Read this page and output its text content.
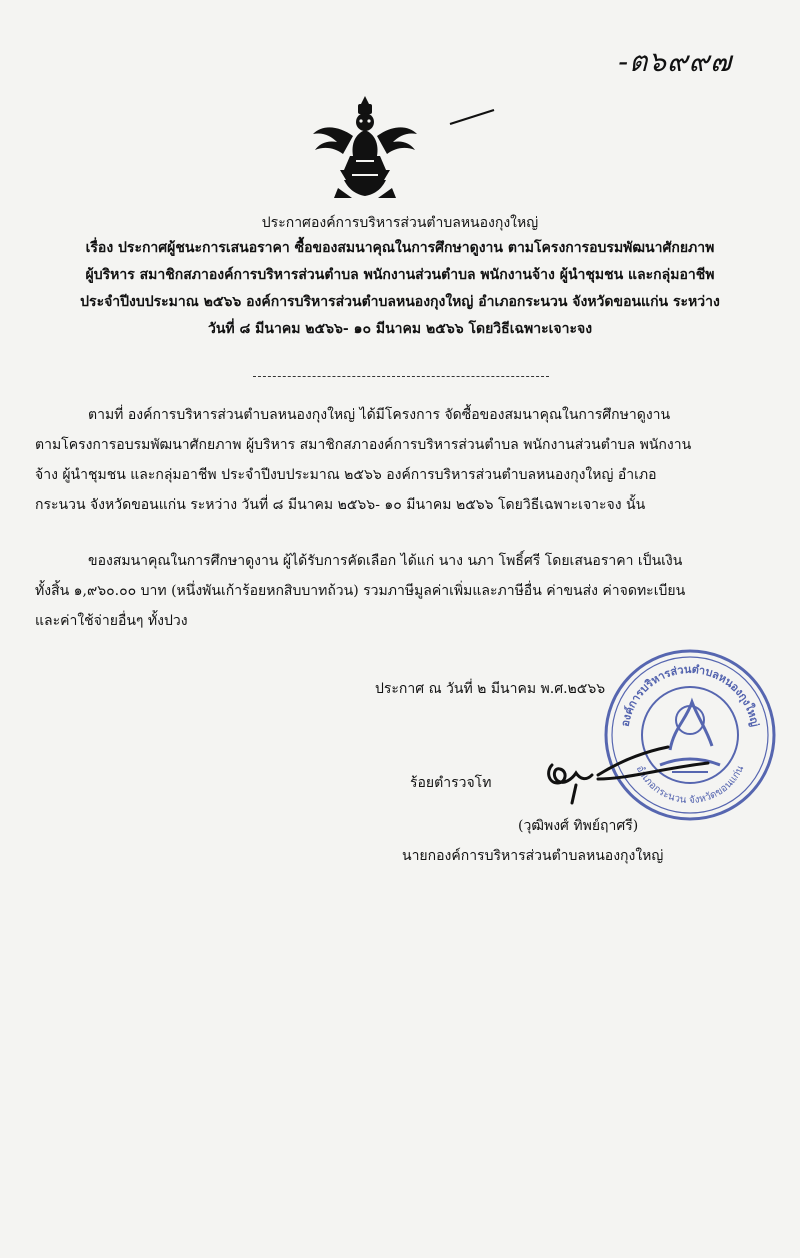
-ต๖๙๙๗
ประกาศองค์การบริหารส่วนตำบลหนองกุงใหญ่
เรื่อง ประกาศผู้ชนะการเสนอราคา ซื้อของสมนาคุณในการศึกษาดูงาน ตามโครงการอบรมพัฒนาศักยภาพ
ผู้บริหาร สมาชิกสภาองค์การบริหารส่วนตำบล พนักงานส่วนตำบล พนักงานจ้าง ผู้นำชุมชน และกลุ่มอาชีพ
ประจำปีงบประมาณ ๒๕๖๖ องค์การบริหารส่วนตำบลหนองกุงใหญ่ อำเภอกระนวน จังหวัดขอนแก่น ระหว่าง
วันที่ ๘ มีนาคม ๒๕๖๖- ๑๐ มีนาคม ๒๕๖๖ โดยวิธีเฉพาะเจาะจง
ตามที่ องค์การบริหารส่วนตำบลหนองกุงใหญ่ ได้มีโครงการ จัดซื้อของสมนาคุณในการศึกษาดูงาน
ตามโครงการอบรมพัฒนาศักยภาพ ผู้บริหาร สมาชิกสภาองค์การบริหารส่วนตำบล พนักงานส่วนตำบล พนักงาน
จ้าง ผู้นำชุมชน และกลุ่มอาชีพ ประจำปีงบประมาณ ๒๕๖๖ องค์การบริหารส่วนตำบลหนองกุงใหญ่ อำเภอ
กระนวน จังหวัดขอนแก่น ระหว่าง วันที่ ๘ มีนาคม ๒๕๖๖- ๑๐ มีนาคม ๒๕๖๖ โดยวิธีเฉพาะเจาะจง นั้น
ของสมนาคุณในการศึกษาดูงาน ผู้ได้รับการคัดเลือก ได้แก่ นาง นภา โพธิ์ศรี โดยเสนอราคา เป็นเงิน
ทั้งสิ้น ๑,๙๖๐.๐๐ บาท (หนึ่งพันเก้าร้อยหกสิบบาทถ้วน) รวมภาษีมูลค่าเพิ่มและภาษีอื่น ค่าขนส่ง ค่าจดทะเบียน
และค่าใช้จ่ายอื่นๆ ทั้งปวง
ประกาศ ณ วันที่ ๒ มีนาคม พ.ศ.๒๕๖๖
องค์การบริหารส่วนตำบลหนองกุงใหญ่
อำเภอกระนวน จังหวัดขอนแก่น
ร้อยตำรวจโท
(วุฒิพงศ์ ทิพย์ฤาศรี)
นายกองค์การบริหารส่วนตำบลหนองกุงใหญ่
